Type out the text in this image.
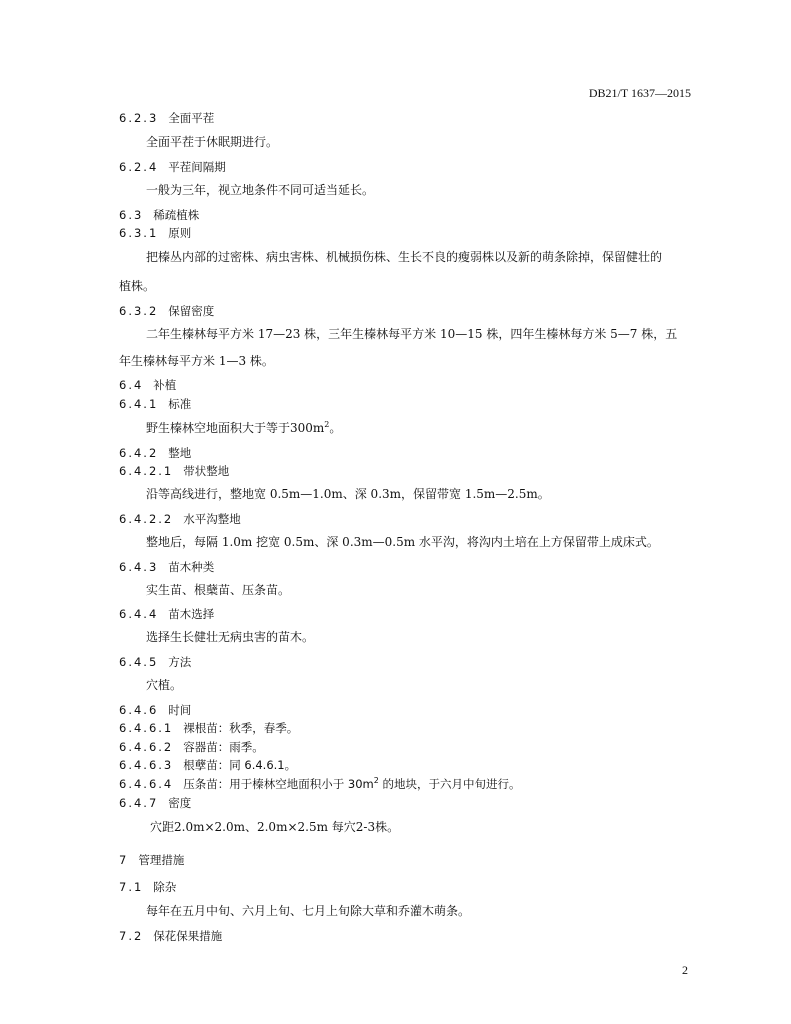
DB21/T 1637—2015
6.2.3 全面平茬
全面平茬于休眠期进行。
6.2.4 平茬间隔期
一般为三年，视立地条件不同可适当延长。
6.3 稀疏植株
6.3.1 原则
把榛丛内部的过密株、病虫害株、机械损伤株、生长不良的瘦弱株以及新的萌条除掉，保留健壮的
植株。
6.3.2 保留密度
二年生榛林每平方米 17—23 株，三年生榛林每平方米 10—15 株，四年生榛林每方米 5—7 株，五
年生榛林每平方米 1—3 株。
6.4 补植
6.4.1 标准
野生榛林空地面积大于等于$300m^2$。
6.4.2 整地
6.4.2.1 带状整地
沿等高线进行，整地宽 0.5m—1.0m、深 0.3m，保留带宽 1.5m—2.5m。
6.4.2.2 水平沟整地
整地后，每隔 1.0m 挖宽 0.5m、深 0.3m—0.5m 水平沟，将沟内土培在上方保留带上成床式。
6.4.3 苗木种类
实生苗、根蘖苗、压条苗。
6.4.4 苗木选择
选择生长健壮无病虫害的苗木。
6.4.5 方法
穴植。
6.4.6 时间
6.4.6.1 裸根苗：秋季，春季。
6.4.6.2 容器苗：雨季。
6.4.6.3 根孽苗：同 6.4.6.1。
6.4.6.4 压条苗：用于榛林空地面积小于 $30m^2$ 的地块，于六月中旬进行。
6.4.7 密度
穴距2.0m×2.0m、2.0m×2.5m 每穴2-3株。
7 管理措施
7.1 除杂
每年在五月中旬、六月上旬、七月上旬除大草和乔灌木萌条。
7.2 保花保果措施
2
